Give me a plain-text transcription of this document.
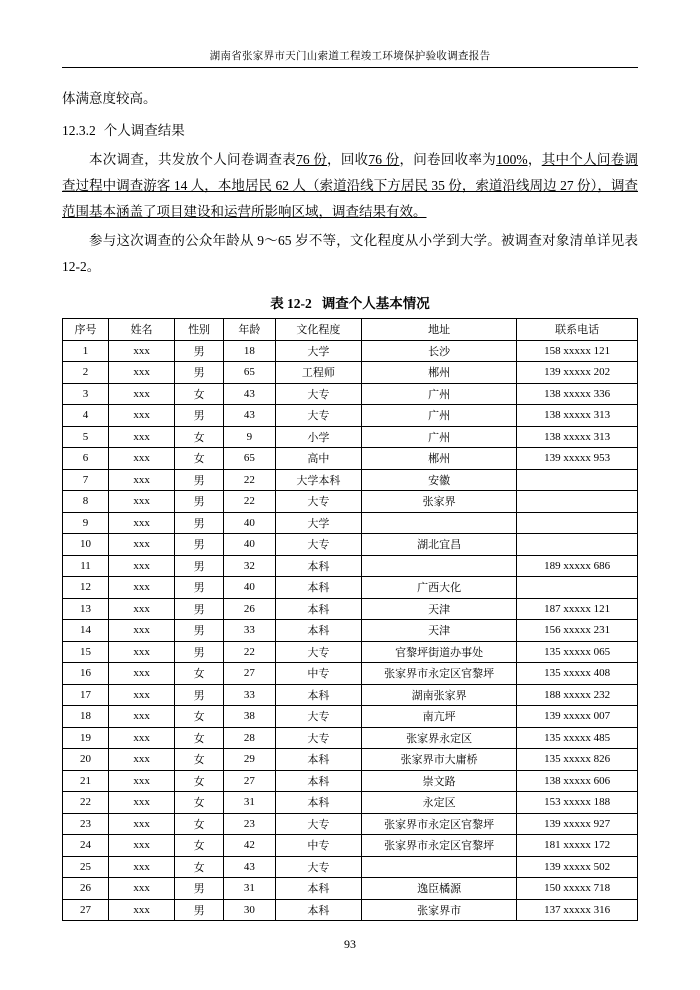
湖南省张家界市天门山索道工程竣工环境保护验收调查报告

体满意度较高。

12.3.2 个人调查结果

本次调查，共发放个人问卷调查表76 份，回收76 份，问卷回收率为100%，其中个人问卷调查过程中调查游客 14 人，本地居民 62 人（索道沿线下方居民 35 份，索道沿线周边 27 份），调查范围基本涵盖了项目建设和运营所影响区域，调查结果有效。

参与这次调查的公众年龄从 9～65 岁不等，文化程度从小学到大学。被调查对象清单详见表 12-2。

表 12-2 调查个人基本情况
序号	姓名	性别	年龄	文化程度	地址	联系电话
1	xxx	男	18	大学	长沙	158 xxxxx 121
2	xxx	男	65	工程师	郴州	139 xxxxx 202
3	xxx	女	43	大专	广州	138 xxxxx 336
4	xxx	男	43	大专	广州	138 xxxxx 313
5	xxx	女	9	小学	广州	138 xxxxx 313
6	xxx	女	65	高中	郴州	139 xxxxx 953
7	xxx	男	22	大学本科	安徽	
8	xxx	男	22	大专	张家界	
9	xxx	男	40	大学		
10	xxx	男	40	大专	湖北宜昌	
11	xxx	男	32	本科		189 xxxxx 686
12	xxx	男	40	本科	广西大化	
13	xxx	男	26	本科	天津	187 xxxxx 121
14	xxx	男	33	本科	天津	156 xxxxx 231
15	xxx	男	22	大专	官黎坪街道办事处	135 xxxxx 065
16	xxx	女	27	中专	张家界市永定区官黎坪	135 xxxxx 408
17	xxx	男	33	本科	湖南张家界	188 xxxxx 232
18	xxx	女	38	大专	南亢坪	139 xxxxx 007
19	xxx	女	28	大专	张家界永定区	135 xxxxx 485
20	xxx	女	29	本科	张家界市大庸桥	135 xxxxx 826
21	xxx	女	27	本科	崇文路	138 xxxxx 606
22	xxx	女	31	本科	永定区	153 xxxxx 188
23	xxx	女	23	大专	张家界市永定区官黎坪	139 xxxxx 927
24	xxx	女	42	中专	张家界市永定区官黎坪	181 xxxxx 172
25	xxx	女	43	大专		139 xxxxx 502
26	xxx	男	31	本科	逸臣橘源	150 xxxxx 718
27	xxx	男	30	本科	张家界市	137 xxxxx 316
93
